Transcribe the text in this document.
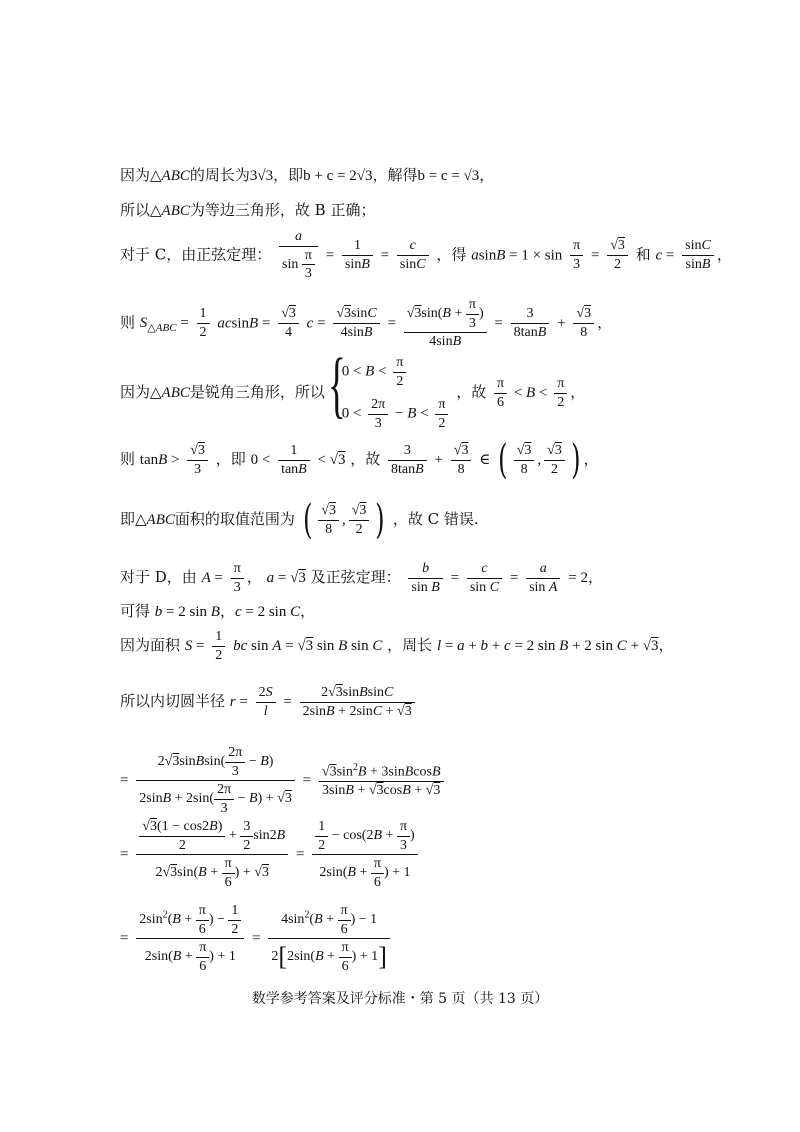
因为△ABC的周长为3√3，即b + c = 2√3，解得b = c = √3，
所以△ABC为等边三角形，故 B 正确；
对于 C，由正弦定理： $\frac{a}{\sin \frac{\pi}{3}} = \frac{1}{\sin B} = \frac{c}{\sin C}$ ，得 $asinB = 1 \times \sin \frac{\pi}{3} = \frac{√3}{2}$ 和 $c = \frac{\sin C}{\sin B}$ ，
则 $S_{\triangle ABC} = \frac{1}{2}$ $acsinB = \frac{√3}{4}$ $c = \frac{√3\sin C}{4\sin B} = \frac{√3\sin(B + \frac{\pi}{3} )}{4\sin B} = \frac{3}{8\tan B} + \frac{√3}{8}$ ，
因为△ABC是锐角三角形，所以 {
$0 < B < \frac{\pi}{2}$
$0 < \frac{2\pi}{3} - B < \frac{\pi}{2}$
，故 $\frac{\pi}{6} < B < \frac{\pi}{2}$ ，
则 $\tan B > \frac{√3}{3}$ ，即 $0 < \frac{1}{\tan B} < √3$ ，故 $\frac{3}{8\tan B} + \frac{√3}{8}$ ∈ ( $\frac{√3}{8}$ , $\frac{√3}{2}$ ) ，
即△ABC面积的取值范围为 ( $\frac{√3}{8}$ , $\frac{√3}{2}$ ) ，故 C 错误.
对于 D，由 $A = \frac{\pi}{3}$ ， a = √3 及正弦定理： $\frac{b}{\text{sin B}} = \frac{c}{\text{sin C}} = \frac{a}{\text{sin A}} = 2$，
可得 b = 2 sin B，c = 2 sin C，
因为面积 $S = \frac{1}{2}$ bc sin A = √3 sin B sin C ，周长 l = a + b + c = 2 sin B + 2 sin C + √3，
所以内切圆半径 $r = \frac{2S}{l} = \frac{\text{2√3sinBsinC}}{2\sin B + 2\sin C + √3}$
= $\frac{2√3sinBsin( \frac{2\pi}{3} - B)}{2\sin B + 2\sin( \frac{2\pi}{3} - B) + √3} = \frac{√3\sin^2B + 3sinBcosB}{3\sin B + √3\cos B + √3}$
= $\frac{\frac{√3(1 - \cos 2B)}{2} + \frac{3}{2} \sin 2B}{2√3\sin(B + \frac{\pi}{6} ) + √3} = \frac{\frac{1}{2} - \cos(2B + \frac{\pi}{3} )}{2\sin(B + \frac{\pi}{6} ) + 1}$
= $\frac{2\sin^2(B + \frac{\pi}{6} ) - \frac{1}{2}}{2\sin(B + \frac{\pi}{6} ) + 1} = \frac{4\sin^2(B + \frac{\pi}{6} ) - 1}{2[2\sin(B + \frac{\pi}{6} ) + 1]}$
数学参考答案及评分标准・第 5 页（共 13 页）
